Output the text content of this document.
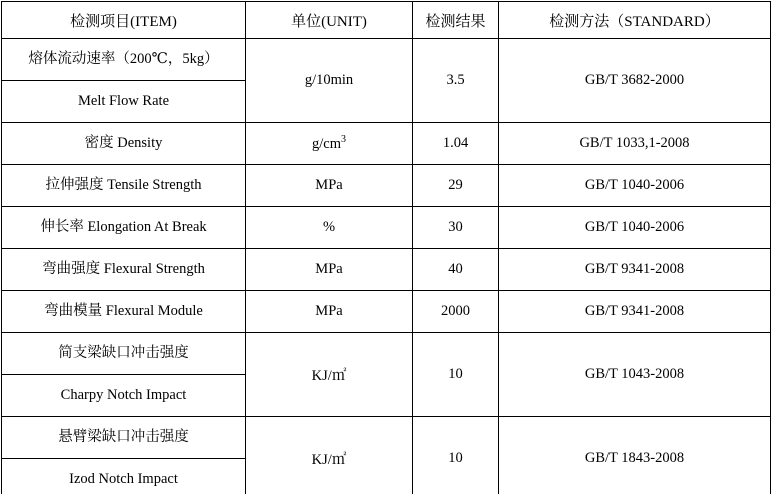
检测项目(ITEM)	单位(UNIT)	检测结果	检测方法（STANDARD）
熔体流动速率（200℃，5kg）	g/10min	3.5	GB/T 3682-2000
Melt Flow Rate			
密度 Density	$g/cm^3$	1.04	GB/T 1033,1-2008
拉伸强度 Tensile Strength	MPa	29	GB/T 1040-2006
伸长率 Elongation At Break	%	30	GB/T 1040-2006
弯曲强度 Flexural Strength	MPa	40	GB/T 9341-2008
弯曲模量 Flexural Module	MPa	2000	GB/T 9341-2008
简支梁缺口冲击强度	KJ/㎡	10	GB/T 1043-2008
Charpy Notch Impact			
悬臂梁缺口冲击强度	KJ/㎡	10	GB/T 1843-2008
Izod Notch Impact			
